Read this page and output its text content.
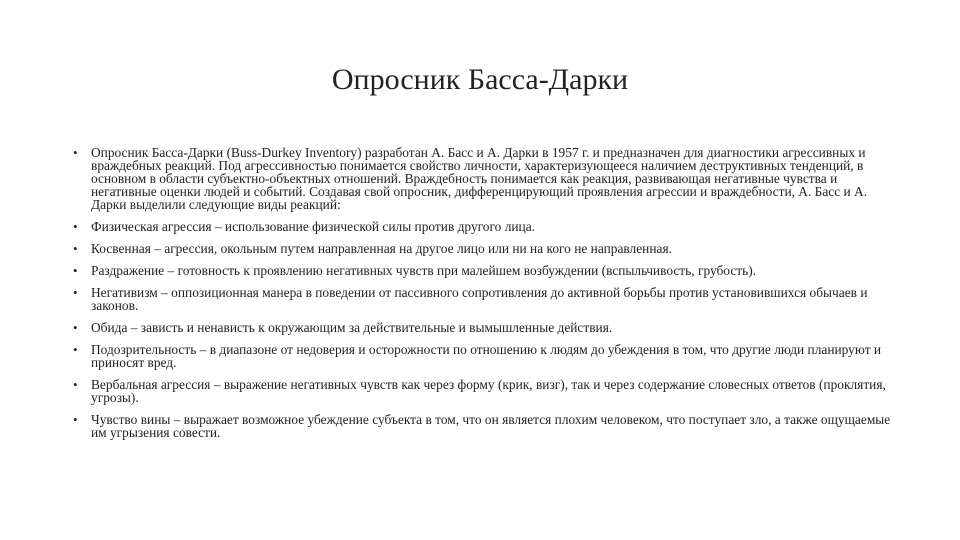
Опросник Басса-Дарки
• Опросник Басса-Дарки (Buss-Durkey Inventory) разработан А. Басс и А. Дарки в 1957 г. и предназначен для диагностики агрессивных и враждебных реакций. Под агрессивностью понимается свойство личности, характеризующееся наличием деструктивных тенденций, в основном в области субъектно-объектных отношений. Враждебность понимается как реакция, развивающая негативные чувства и негативные оценки людей и событий. Создавая свой опросник, дифференцирующий проявления агрессии и враждебности, А. Басс и А. Дарки выделили следующие виды реакций:
• Физическая агрессия – использование физической силы против другого лица.
• Косвенная – агрессия, окольным путем направленная на другое лицо или ни на кого не направленная.
• Раздражение – готовность к проявлению негативных чувств при малейшем возбуждении (вспыльчивость, грубость).
• Негативизм – оппозиционная манера в поведении от пассивного сопротивления до активной борьбы против установившихся обычаев и законов.
• Обида – зависть и ненависть к окружающим за действительные и вымышленные действия.
• Подозрительность – в диапазоне от недоверия и осторожности по отношению к людям до убеждения в том, что другие люди планируют и приносят вред.
• Вербальная агрессия – выражение негативных чувств как через форму (крик, визг), так и через содержание словесных ответов (проклятия, угрозы).
• Чувство вины – выражает возможное убеждение субъекта в том, что он является плохим человеком, что поступает зло, а также ощущаемые им угрызения совести.
